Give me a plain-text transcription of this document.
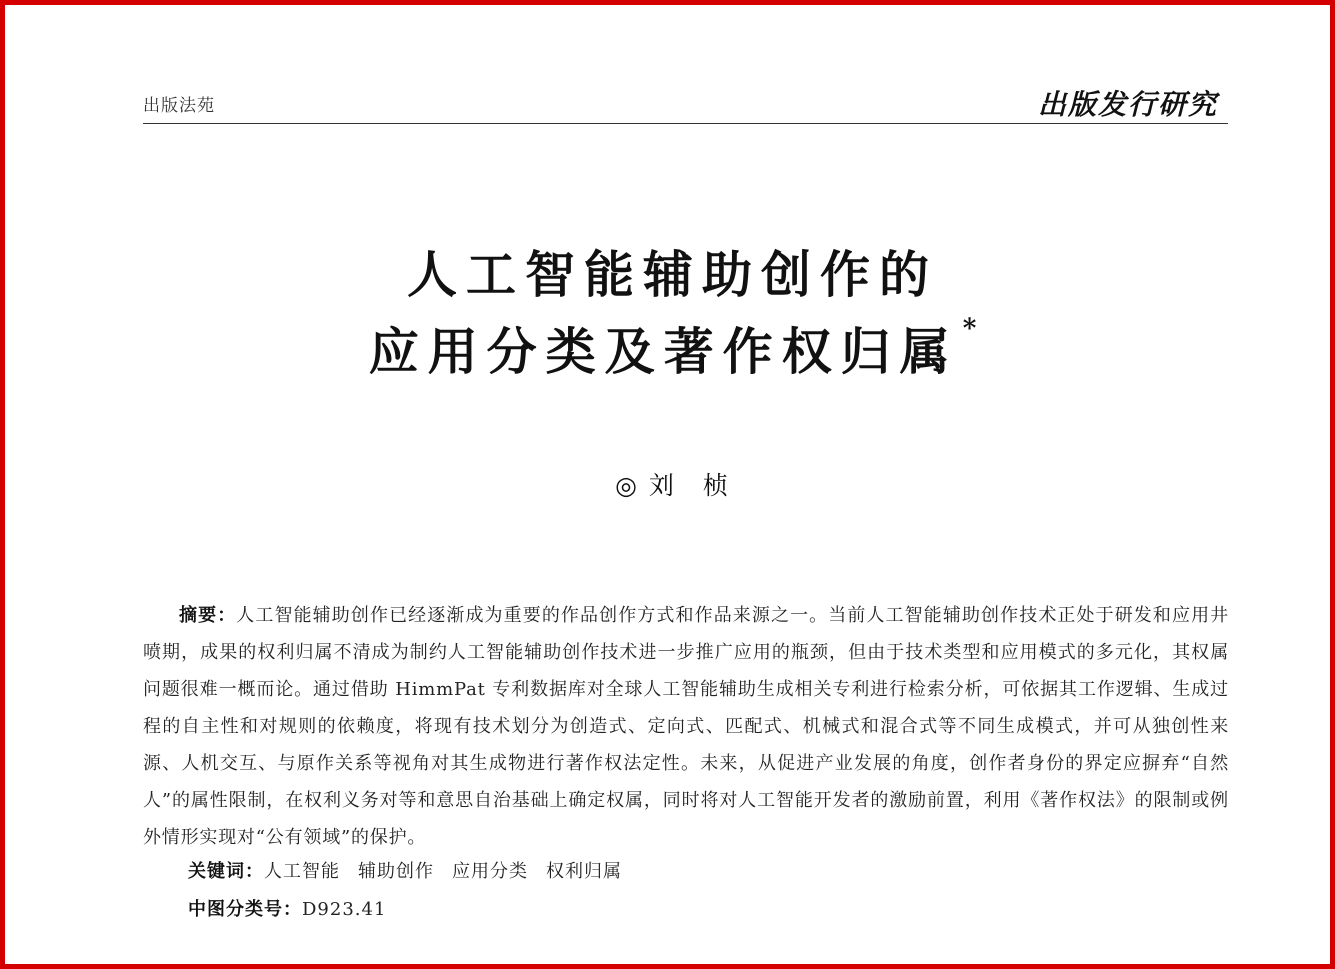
出版法苑	出版发行研究
人工智能辅助创作的
应用分类及著作权归属 *
◎ 刘　桢
摘要：人工智能辅助创作已经逐渐成为重要的作品创作方式和作品来源之一。当前人工智能辅助创作技术正处于研发和应用井喷期，成果的权利归属不清成为制约人工智能辅助创作技术进一步推广应用的瓶颈，但由于技术类型和应用模式的多元化，其权属问题很难一概而论。通过借助 HimmPat 专利数据库对全球人工智能辅助生成相关专利进行检索分析，可依据其工作逻辑、生成过程的自主性和对规则的依赖度，将现有技术划分为创造式、定向式、匹配式、机械式和混合式等不同生成模式，并可从独创性来源、人机交互、与原作关系等视角对其生成物进行著作权法定性。未来，从促进产业发展的角度，创作者身份的界定应摒弃“自然人”的属性限制，在权利义务对等和意思自治基础上确定权属，同时将对人工智能开发者的激励前置，利用《著作权法》的限制或例外情形实现对“公有领域”的保护。
关键词：人工智能 辅助创作 应用分类 权利归属
中图分类号：D923.41
